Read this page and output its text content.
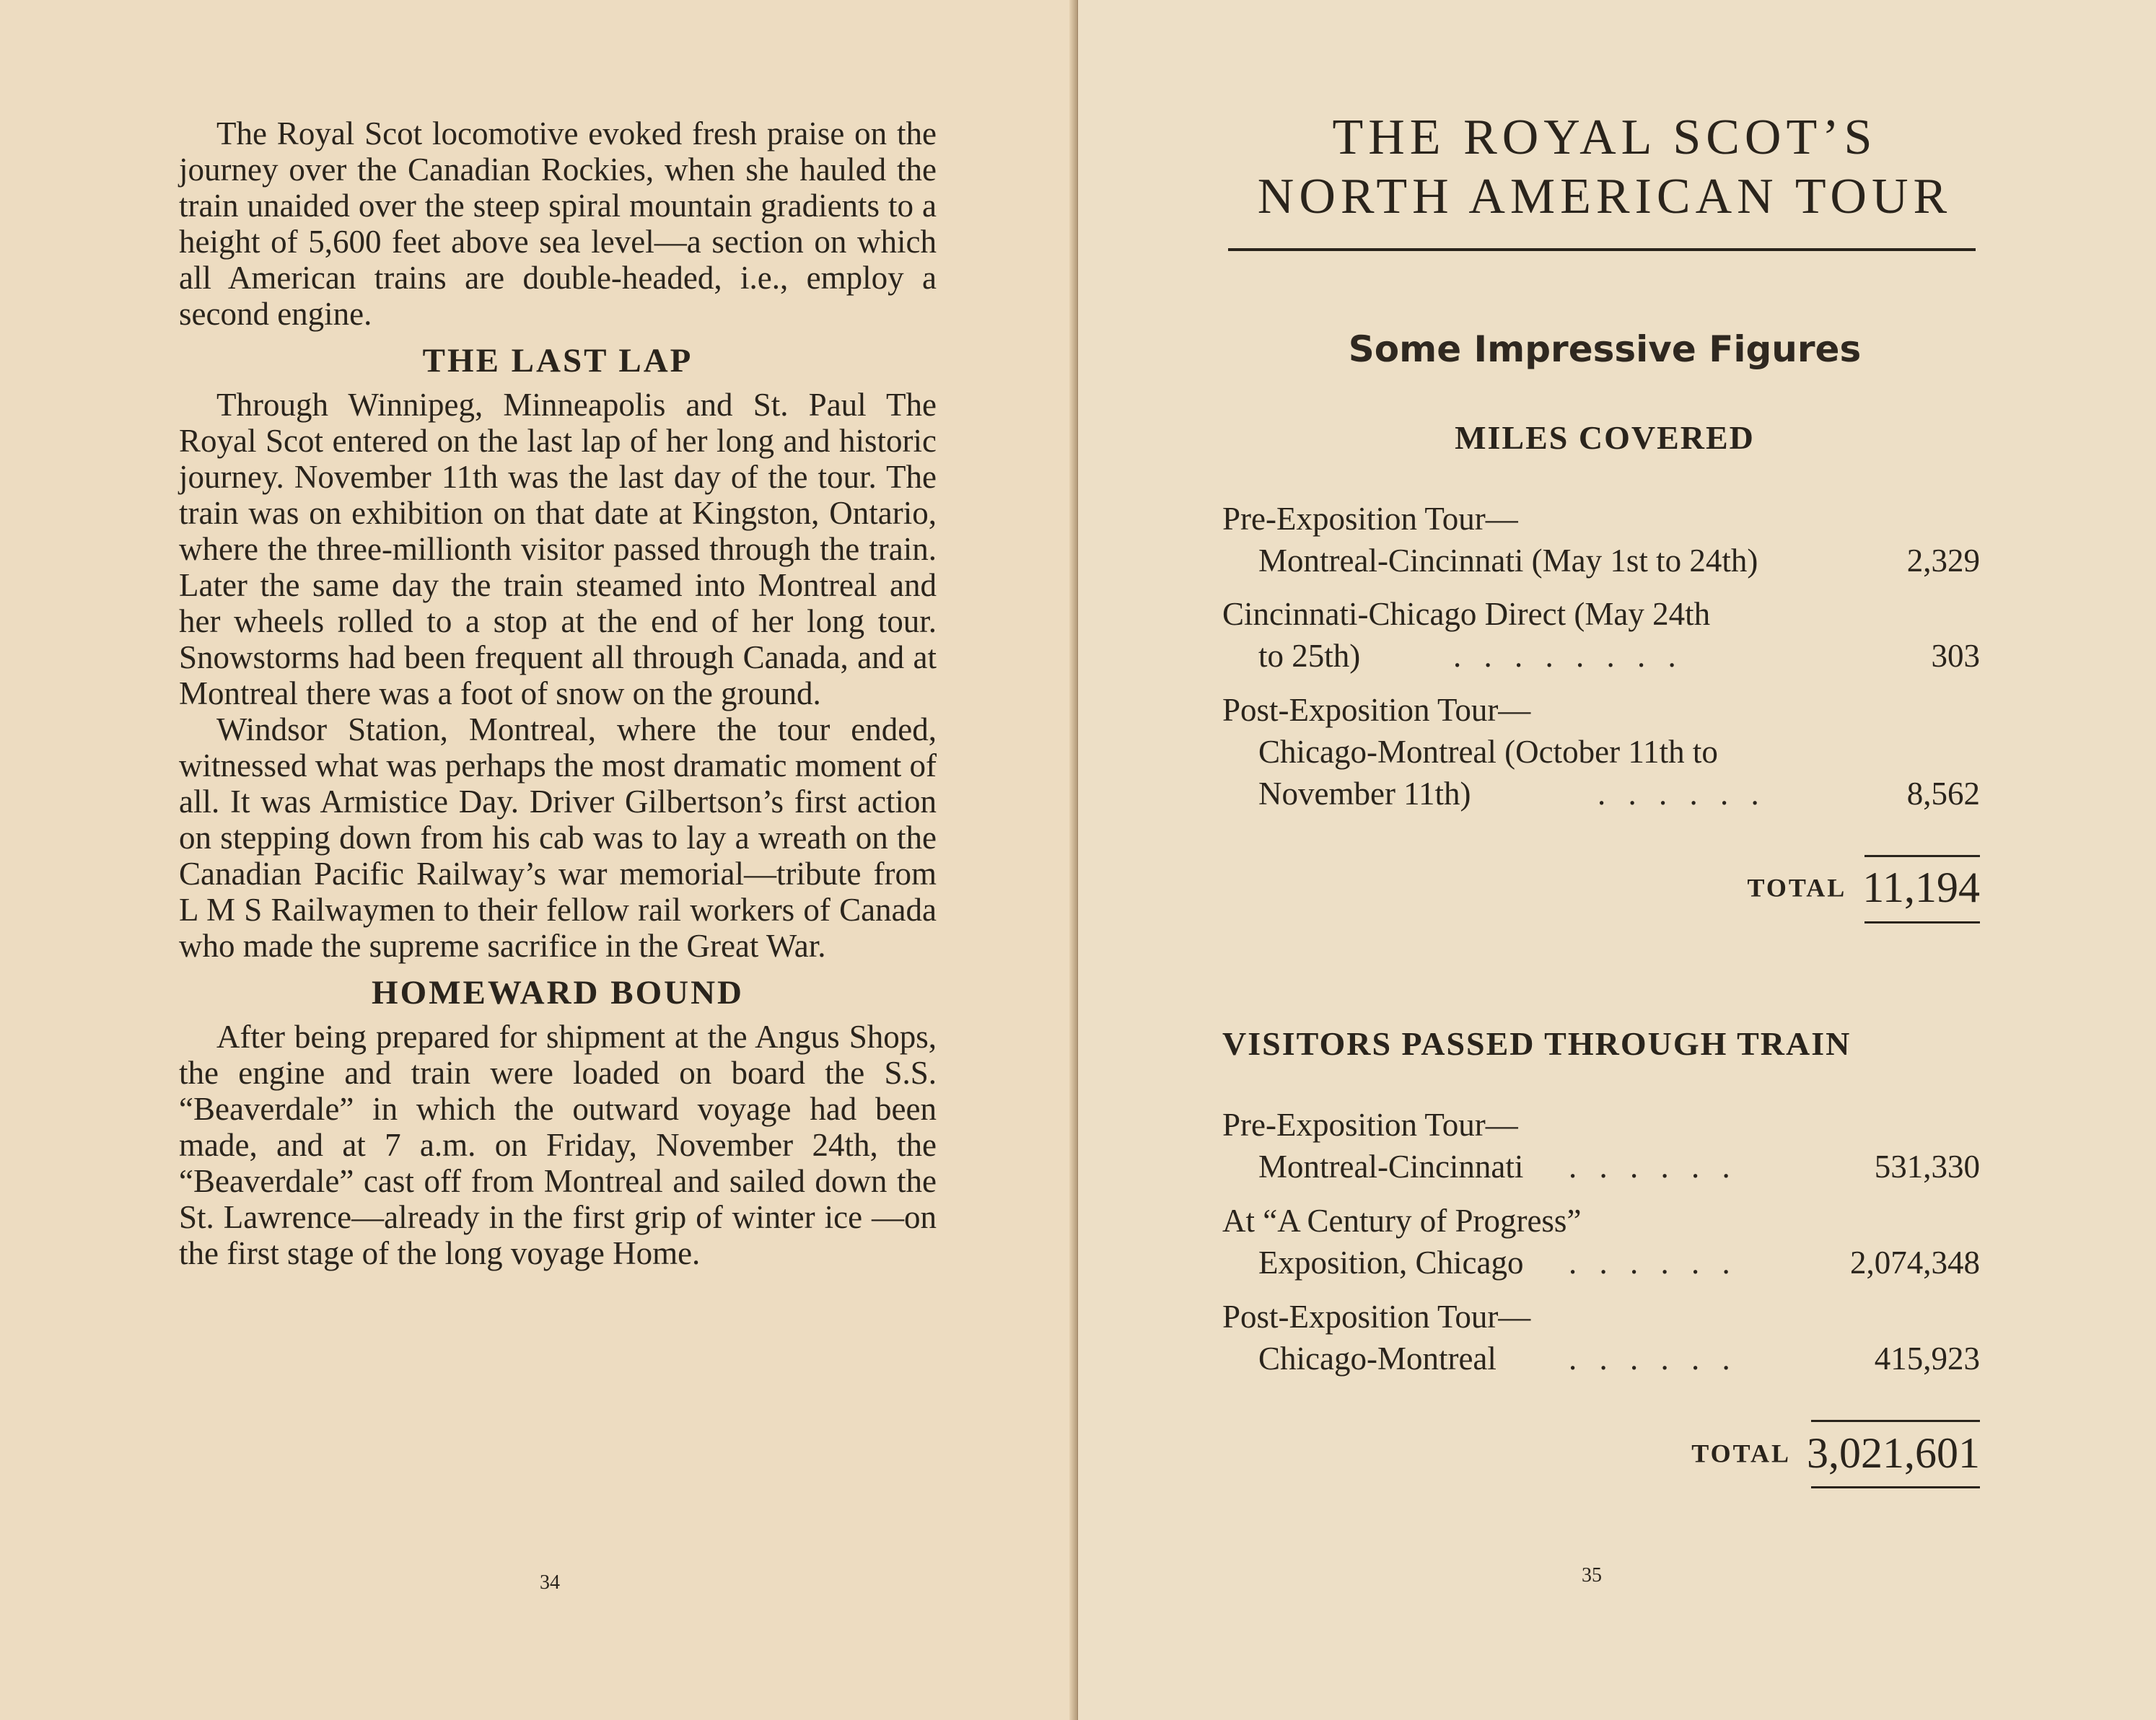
The Royal Scot locomotive evoked fresh praise on the journey over the Canadian Rockies, when she hauled the train unaided over the steep spiral mountain gradients to a height of 5,600 feet above sea level—a section on which all American trains are double-headed, i.e., employ a second engine.

THE LAST LAP

Through Winnipeg, Minneapolis and St. Paul The Royal Scot entered on the last lap of her long and historic journey. November 11th was the last day of the tour. The train was on exhibition on that date at Kingston, Ontario, where the three-millionth visitor passed through the train. Later the same day the train steamed into Montreal and her wheels rolled to a stop at the end of her long tour. Snowstorms had been frequent all through Canada, and at Montreal there was a foot of snow on the ground.

Windsor Station, Montreal, where the tour ended, witnessed what was perhaps the most dramatic moment of all. It was Armistice Day. Driver Gilbertson’s first action on stepping down from his cab was to lay a wreath on the Canadian Pacific Railway’s war memorial—tribute from L M S Railwaymen to their fellow rail workers of Canada who made the supreme sacrifice in the Great War.

HOMEWARD BOUND

After being prepared for shipment at the Angus Shops, the engine and train were loaded on board the S.S. “Beaverdale” in which the outward voyage had been made, and at 7 a.m. on Friday, November 24th, the “Beaverdale” cast off from Montreal and sailed down the St. Lawrence—already in the first grip of winter ice —on the first stage of the long voyage Home.

34
THE ROYAL SCOT’S
NORTH AMERICAN TOUR
Some Impressive Figures
MILES COVERED
Pre-Exposition Tour—
Montreal-Cincinnati (May 1st to 24th)	2,329
Cincinnati-Chicago Direct (May 24th
to 25th)	. . . . . . . .	303
Post-Exposition Tour—
Chicago-Montreal (October 11th to
November 11th)	. . . . . .	8,562
TOTAL 11,194
VISITORS PASSED THROUGH TRAIN
Pre-Exposition Tour—
Montreal-Cincinnati . . . . . .	531,330
At “A Century of Progress”
Exposition, Chicago . . . . . .	2,074,348
Post-Exposition Tour—
Chicago-Montreal . . . . . .	415,923
TOTAL 3,021,601
35
